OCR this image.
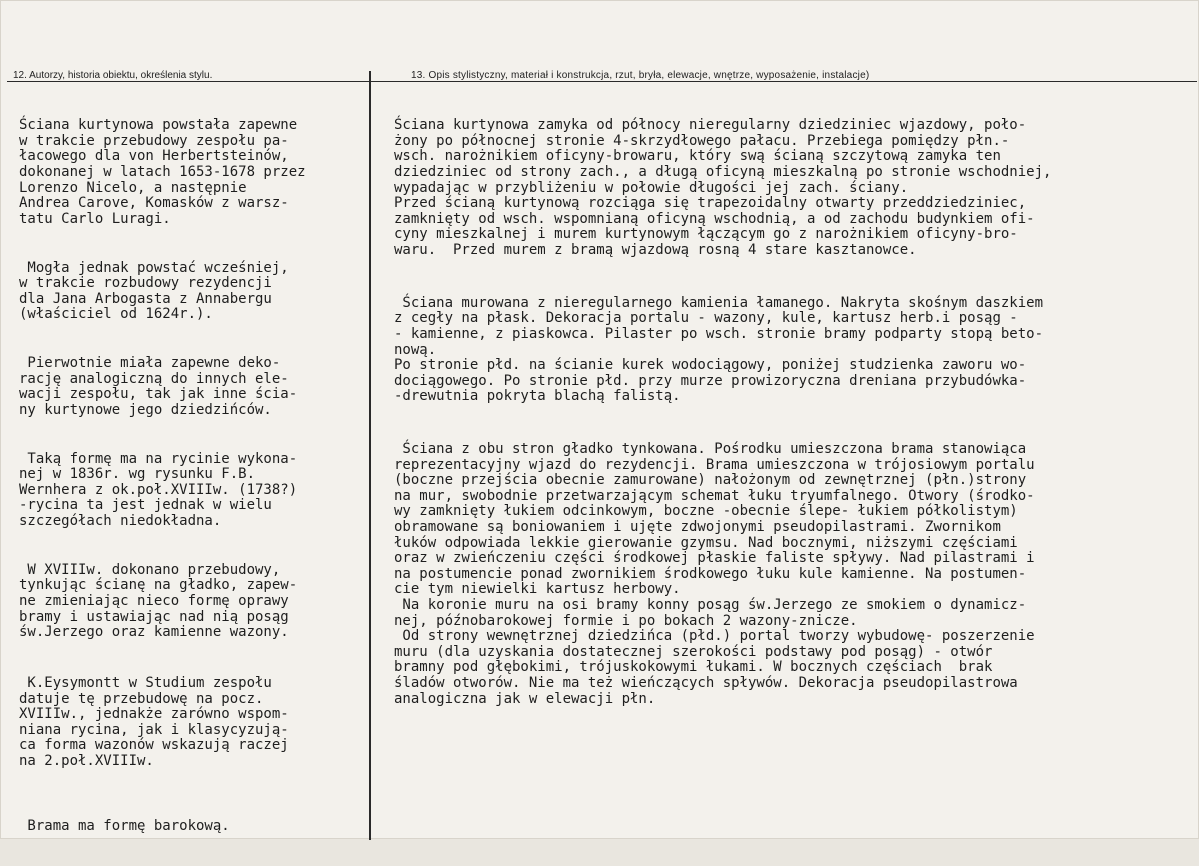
12. Autorzy, historia obiektu, określenia stylu.	13. Opis stylistyczny, materiał i konstrukcja, rzut, bryła, elewacje, wnętrze, wyposażenie, instalacje)

Ściana kurtynowa powstała zapewne
w trakcie przebudowy zespołu pa-
łacowego dla von Herbertsteinów,
dokonanej w latach 1653-1678 przez
Lorenzo Nicelo, a następnie
Andrea Carove, Komasków z warsz-
tatu Carlo Luragi.

Mogła jednak powstać wcześniej,
w trakcie rozbudowy rezydencji
dla Jana Arbogasta z Annabergu
(właściciel od 1624r.).

Pierwotnie miała zapewne deko-
rację analogiczną do innych ele-
wacji zespołu, tak jak inne ścia-
ny kurtynowe jego dziedzińców.

Taką formę ma na rycinie wykona-
nej w 1836r. wg rysunku F.B.
Wernhera z ok.poł.XVIIIw. (1738?)
-rycina ta jest jednak w wielu
szczegółach niedokładna.

W XVIIIw. dokonano przebudowy,
tynkując ścianę na gładko, zapew-
ne zmieniając nieco formę oprawy
bramy i ustawiając nad nią posąg
św.Jerzego oraz kamienne wazony.

K.Eysymontt w Studium zespołu
datuje tę przebudowę na pocz.
XVIIIw., jednakże zarówno wspom-
niana rycina, jak i klasycyzują-
ca forma wazonów wskazują raczej
na 2.poł.XVIIIw.

Brama ma formę barokową.

Ściana kurtynowa zamyka od północy nieregularny dziedziniec wjazdowy, poło-
żony po północnej stronie 4-skrzydłowego pałacu. Przebiega pomiędzy płn.-
wsch. narożnikiem oficyny-browaru, który swą ścianą szczytową zamyka ten
dziedziniec od strony zach., a długą oficyną mieszkalną po stronie wschodniej,
wypadając w przybliżeniu w połowie długości jej zach. ściany.
Przed ścianą kurtynową rozciąga się trapezoidalny otwarty przeddziedziniec,
zamknięty od wsch. wspomnianą oficyną wschodnią, a od zachodu budynkiem ofi-
cyny mieszkalnej i murem kurtynowym łączącym go z narożnikiem oficyny-bro-
waru.  Przed murem z bramą wjazdową rosną 4 stare kasztanowce.

Ściana murowana z nieregularnego kamienia łamanego. Nakryta skośnym daszkiem
z cegły na płask. Dekoracja portalu - wazony, kule, kartusz herb.i posąg -
- kamienne, z piaskowca. Pilaster po wsch. stronie bramy podparty stopą beto-
nową.
Po stronie płd. na ścianie kurek wodociągowy, poniżej studzienka zaworu wo-
dociągowego. Po stronie płd. przy murze prowizoryczna dreniana przybudówka-
-drewutnia pokryta blachą falistą.

Ściana z obu stron gładko tynkowana. Pośrodku umieszczona brama stanowiąca
reprezentacyjny wjazd do rezydencji. Brama umieszczona w trójosiowym portalu
(boczne przejścia obecnie zamurowane) nałożonym od zewnętrznej (płn.)strony
na mur, swobodnie przetwarzającym schemat łuku tryumfalnego. Otwory (środko-
wy zamknięty łukiem odcinkowym, boczne -obecnie ślepe- łukiem półkolistym)
obramowane są boniowaniem i ujęte zdwojonymi pseudopilastrami. Zwornikom
łuków odpowiada lekkie gierowanie gzymsu. Nad bocznymi, niższymi częściami
oraz w zwieńczeniu części środkowej płaskie faliste spływy. Nad pilastrami i
na postumencie ponad zwornikiem środkowego łuku kule kamienne. Na postumen-
cie tym niewielki kartusz herbowy.
Na koronie muru na osi bramy konny posąg św.Jerzego ze smokiem o dynamicz-
nej, późnobarokowej formie i po bokach 2 wazony-znicze.
Od strony wewnętrznej dziedzińca (płd.) portal tworzy wybudowę- poszerzenie
muru (dla uzyskania dostatecznej szerokości podstawy pod posąg) - otwór
bramny pod głębokimi, trójuskokowymi łukami. W bocznych częściach  brak
śladów otworów. Nie ma też wieńczących spływów. Dekoracja pseudopilastrowa
analogiczna jak w elewacji płn.
